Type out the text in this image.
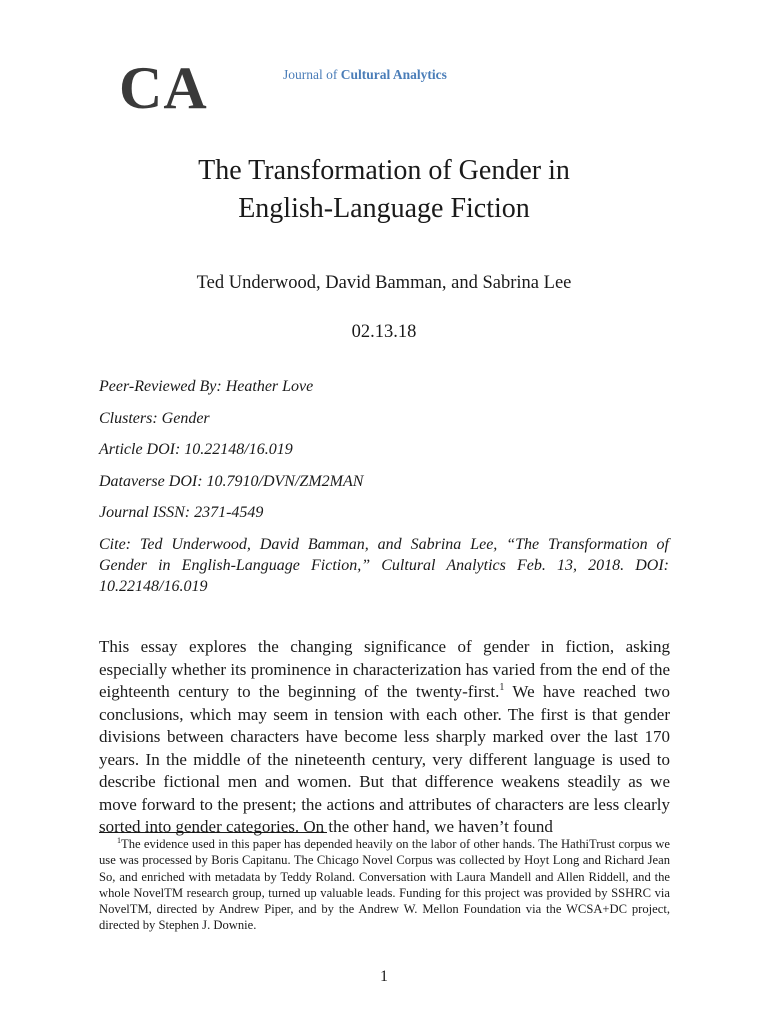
CA	Journal of Cultural Analytics
The Transformation of Gender in
English-Language Fiction
Ted Underwood, David Bamman, and Sabrina Lee
02.13.18
Peer-Reviewed By: Heather Love
Clusters: Gender
Article DOI: 10.22148/16.019
Dataverse DOI: 10.7910/DVN/ZM2MAN
Journal ISSN: 2371-4549
Cite: Ted Underwood, David Bamman, and Sabrina Lee, “The Transformation of Gender in English-Language Fiction,” Cultural Analytics Feb. 13, 2018. DOI: 10.22148/16.019

This essay explores the changing significance of gender in fiction, asking especially whether its prominence in characterization has varied from the end of the eighteenth century to the beginning of the twenty-first.$^1$ We have reached two conclusions, which may seem in tension with each other. The first is that gender divisions between characters have become less sharply marked over the last 170 years. In the middle of the nineteenth century, very different language is used to describe fictional men and women. But that difference weakens steadily as we move forward to the present; the actions and attributes of characters are less clearly sorted into gender categories. On the other hand, we haven’t found

$^1$The evidence used in this paper has depended heavily on the labor of other hands. The HathiTrust corpus we use was processed by Boris Capitanu. The Chicago Novel Corpus was collected by Hoyt Long and Richard Jean So, and enriched with metadata by Teddy Roland. Conversation with Laura Mandell and Allen Riddell, and the whole NovelTM research group, turned up valuable leads. Funding for this project was provided by SSHRC via NovelTM, directed by Andrew Piper, and by the Andrew W. Mellon Foundation via the WCSA+DC project, directed by Stephen J. Downie.

1
